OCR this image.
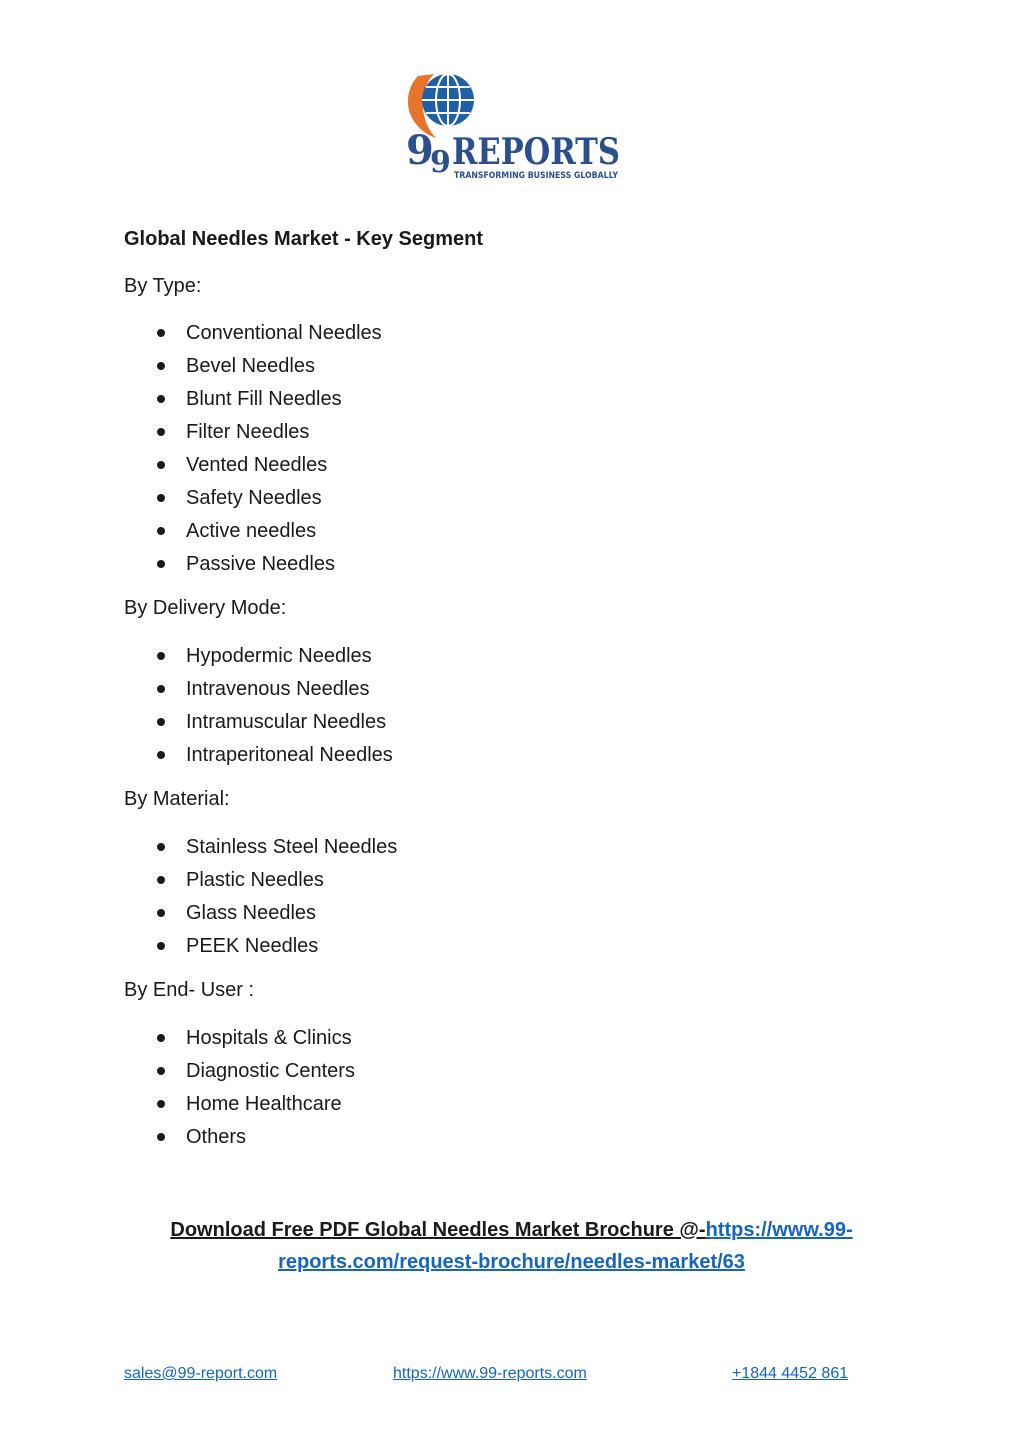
9
9 REPORTS
TRANSFORMING BUSINESS GLOBALLY
Global Needles Market - Key Segment

By Type:

Conventional Needles
Bevel Needles
Blunt Fill Needles
Filter Needles
Vented Needles
Safety Needles
Active needles
Passive Needles

By Delivery Mode:

Hypodermic Needles
Intravenous Needles
Intramuscular Needles
Intraperitoneal Needles

By Material:

Stainless Steel Needles
Plastic Needles
Glass Needles
PEEK Needles

By End- User :

Hospitals & Clinics
Diagnostic Centers
Home Healthcare
Others
Download Free PDF Global Needles Market Brochure @-https://www.99-reports.com/request-brochure/needles-market/63
sales@99-report.com	https://www.99-reports.com	+1844 4452 861
